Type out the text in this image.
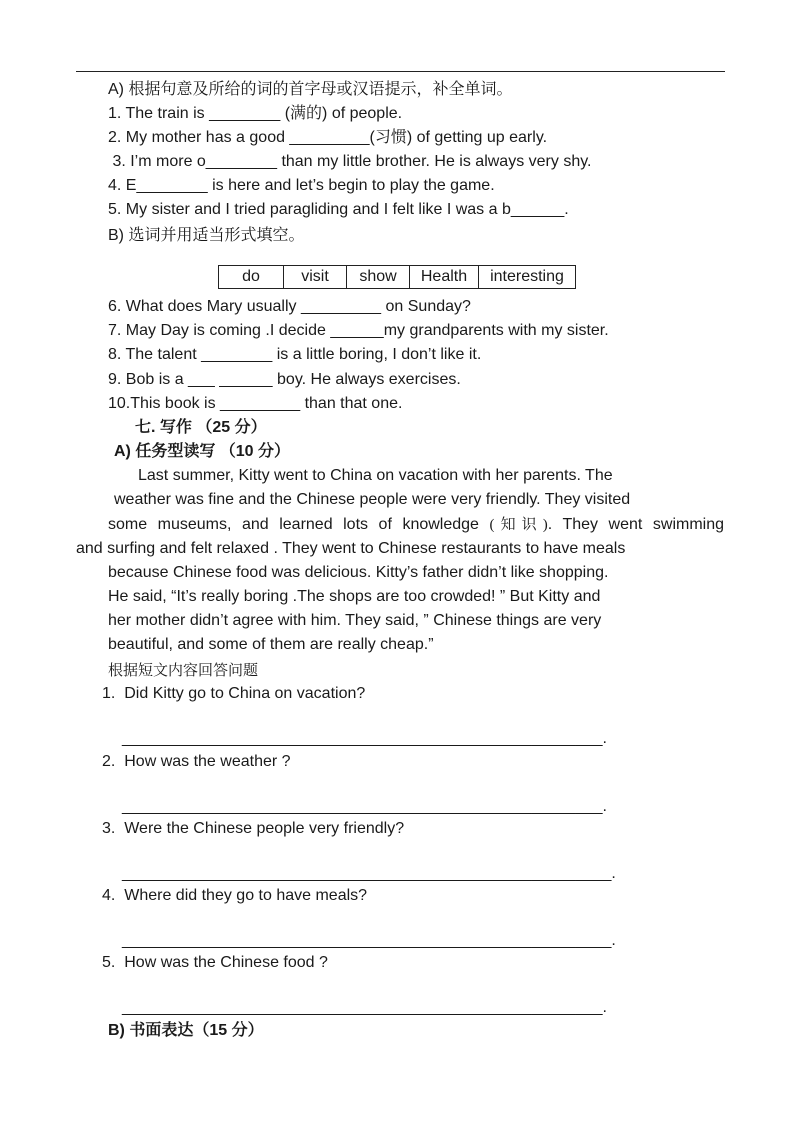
A) 根据句意及所给的词的首字母或汉语提示，补全单词。
1. The train is ________ (满的) of people.
2. My mother has a good _________(习惯) of getting up early.
3. I’m more o________ than my little brother. He is always very shy.
4. E________ is here and let’s begin to play the game.
5. My sister and I tried paragliding and I felt like I was a b______.
B) 选词并用适当形式填空。
do	visit	show	Health	interesting
6. What does Mary usually _________ on Sunday?
7. May Day is coming .I decide ______my grandparents with my sister.
8. The talent ________ is a little boring, I don’t like it.
9. Bob is a ___ ______ boy. He always exercises.
10.This book is _________ than that one.
七. 写作 （25 分）
A) 任务型读写 （10 分）
Last summer, Kitty went to China on vacation with her parents. The
weather was fine and the Chinese people were very friendly. They visited
some museums, and learned lots of knowledge (知识). They went swimming
and surfing and felt relaxed . They went to Chinese restaurants to have meals
because Chinese food was delicious. Kitty’s father didn’t like shopping.
He said, “It’s really boring .The shops are too crowded! ” But Kitty and
her mother didn’t agree with him. They said, ” Chinese things are very
beautiful, and some of them are really cheap.”
根据短文内容回答问题
1.  Did Kitty go to China on vacation?
______________________________________________________.
2.  How was the weather ?
______________________________________________________.
3.  Were the Chinese people very friendly?
_______________________________________________________.
4.  Where did they go to have meals?
_______________________________________________________.
5.  How was the Chinese food ?
______________________________________________________.
B) 书面表达（15 分）
